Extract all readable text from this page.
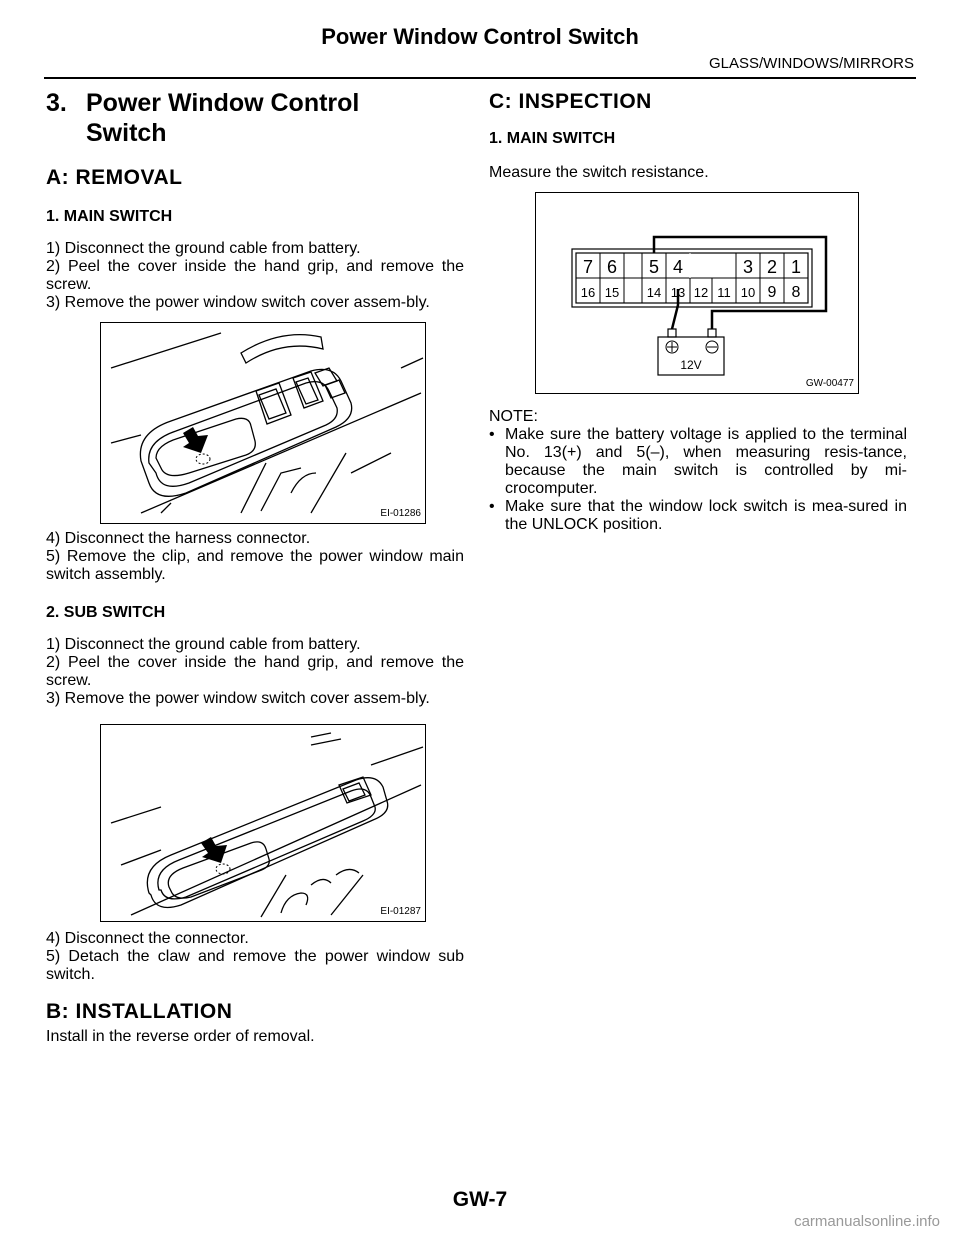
Power Window Control Switch
GLASS/WINDOWS/MIRRORS
3. Power Window Control
Switch
A: REMOVAL
1. MAIN SWITCH

1) Disconnect the ground cable from battery.

2) Peel the cover inside the hand grip, and remove the screw.

3) Remove the power window switch cover assem-bly.

EI-01286

4) Disconnect the harness connector.

5) Remove the clip, and remove the power window main switch assembly.

2. SUB SWITCH

1) Disconnect the ground cable from battery.

2) Peel the cover inside the hand grip, and remove the screw.

3) Remove the power window switch cover assem-bly.

EI-01287

4) Disconnect the connector.

5) Detach the claw and remove the power window sub switch.

B: INSTALLATION

Install in the reverse order of removal.

C: INSPECTION
1. MAIN SWITCH

Measure the switch resistance.

7 6 5 4	3 2 1
16 15 14 13 12 11 10 9 8
12V
GW-00477

NOTE:

• Make sure the battery voltage is applied to the terminal No. 13(+) and 5(–), when measuring resis-tance, because the main switch is controlled by mi-crocomputer.
• Make sure that the window lock switch is mea-sured in the UNLOCK position.
GW-7
carmanualsonline.info
